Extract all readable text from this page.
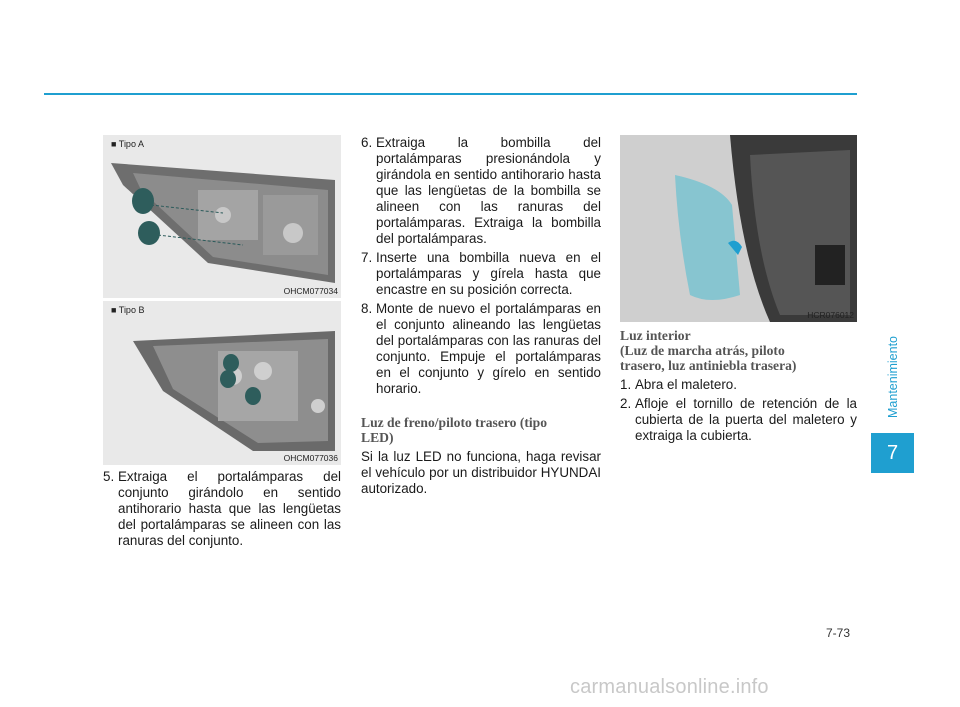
■ Tipo A
OHCM077034
■ Tipo B
OHCM077036
HCR076012
5. Extraiga el portalámparas del conjunto girándolo en sentido antihorario hasta que las lengüetas del portalámparas se alineen con las ranuras del conjunto.
6. Extraiga la bombilla del portalámparas presionándola y girándola en sentido antihorario hasta que las lengüetas de la bombilla se alineen con las ranuras del portalámparas. Extraiga la bombilla del portalámparas.
7. Inserte una bombilla nueva en el portalámparas y gírela hasta que encastre en su posición correcta.
8. Monte de nuevo el portalámparas en el conjunto alineando las lengüetas del portalámparas con las ranuras del conjunto. Empuje el portalámparas en el conjunto y gírelo en sentido horario.
Luz de freno/piloto trasero (tipo
LED)

Si la luz LED no funciona, haga revisar el vehículo por un distribuidor HYUNDAI autorizado.

Luz interior
(Luz de marcha atrás, piloto
trasero, luz antiniebla trasera)
1. Abra el maletero.
2. Afloje el tornillo de retención de la cubierta de la puerta del maletero y extraiga la cubierta.
Mantenimiento
7
7-73
carmanualsonline.info
